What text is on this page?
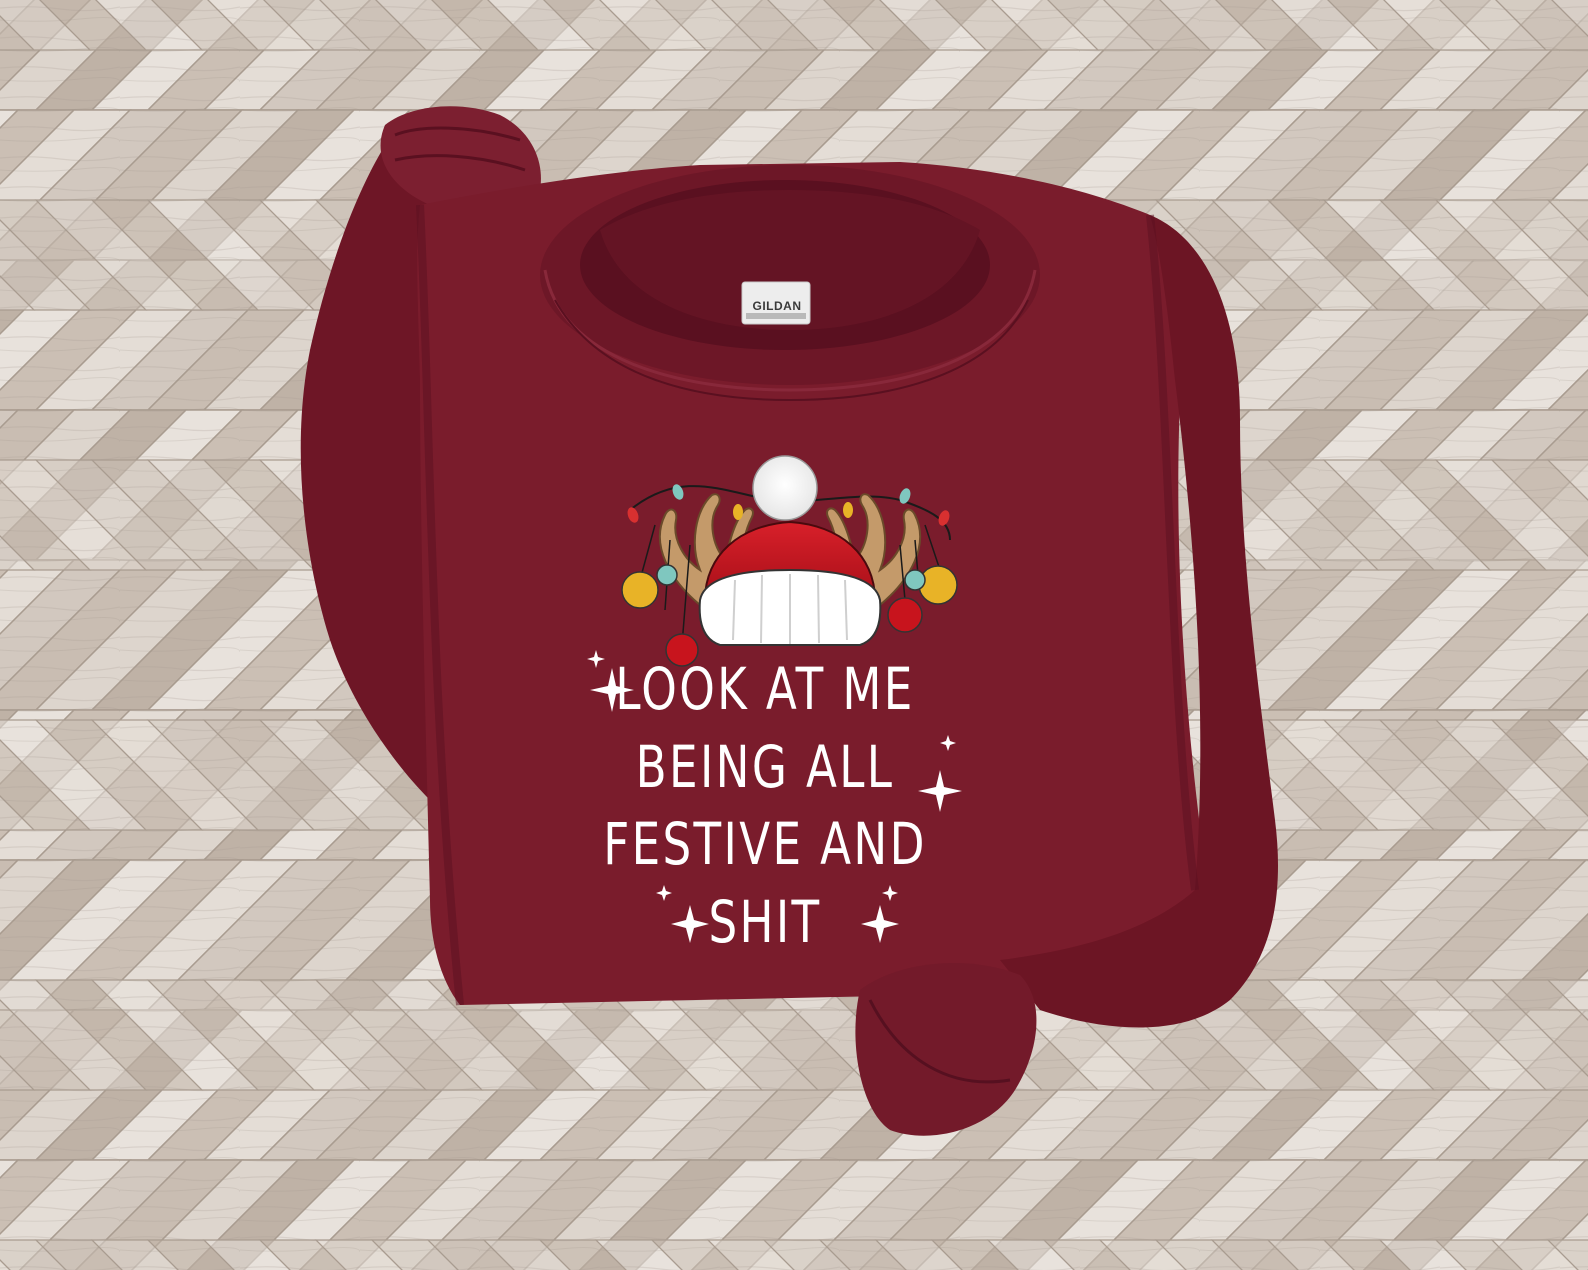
GILDAN
LOOK AT ME
BEING ALL
FESTIVE AND
SHIT
